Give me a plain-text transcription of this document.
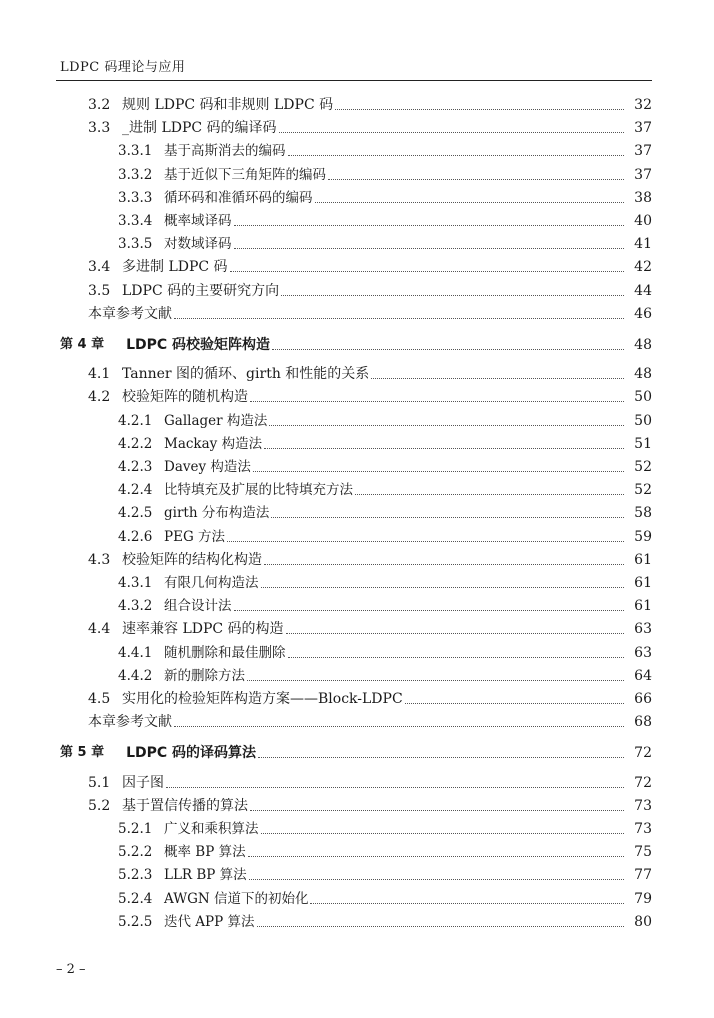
LDPC 码理论与应用
3.2 规则 LDPC 码和非规则 LDPC 码	32
3.3 _进制 LDPC 码的编译码	37
3.3.1 基于高斯消去的编码	37
3.3.2 基于近似下三角矩阵的编码	37
3.3.3 循环码和准循环码的编码	38
3.3.4 概率域译码	40
3.3.5 对数域译码	41
3.4 多进制 LDPC 码	42
3.5 LDPC 码的主要研究方向	44
本章参考文献	46
第 4 章 LDPC 码校验矩阵构造	48
4.1 Tanner 图的循环、girth 和性能的关系	48
4.2 校验矩阵的随机构造	50
4.2.1 Gallager 构造法	50
4.2.2 Mackay 构造法	51
4.2.3 Davey 构造法	52
4.2.4 比特填充及扩展的比特填充方法	52
4.2.5 girth 分布构造法	58
4.2.6 PEG 方法	59
4.3 校验矩阵的结构化构造	61
4.3.1 有限几何构造法	61
4.3.2 组合设计法	61
4.4 速率兼容 LDPC 码的构造	63
4.4.1 随机删除和最佳删除	63
4.4.2 新的删除方法	64
4.5 实用化的检验矩阵构造方案——Block-LDPC	66
本章参考文献	68
第 5 章 LDPC 码的译码算法	72
5.1 因子图	72
5.2 基于置信传播的算法	73
5.2.1 广义和乘积算法	73
5.2.2 概率 BP 算法	75
5.2.3 LLR BP 算法	77
5.2.4 AWGN 信道下的初始化	79
5.2.5 迭代 APP 算法	80
– 2 –
